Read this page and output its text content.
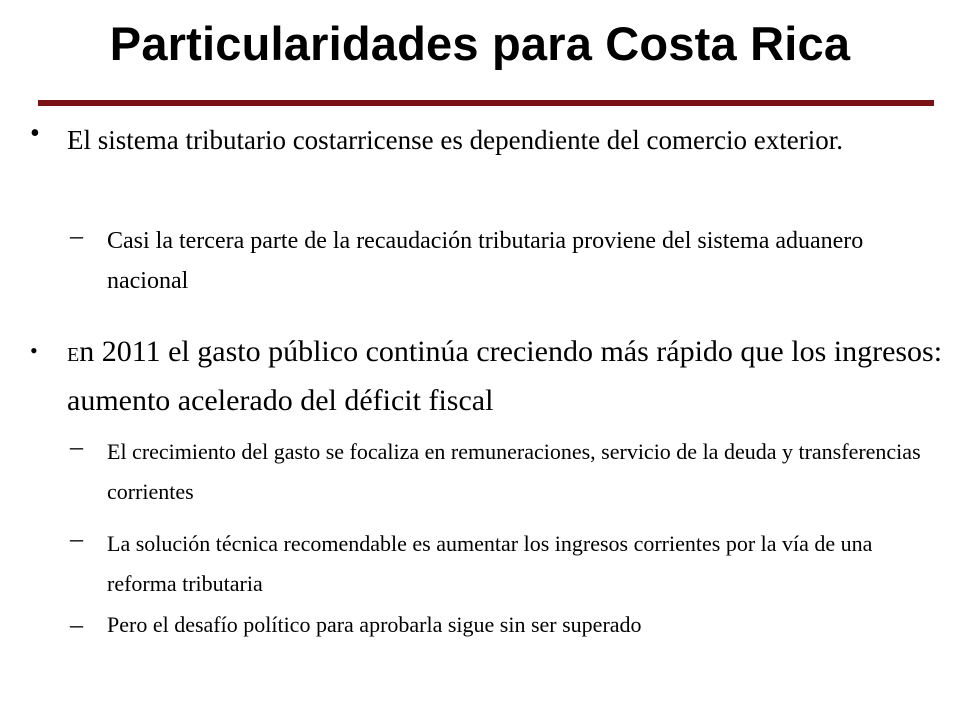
Particularidades para Costa Rica
• El sistema tributario costarricense es dependiente del comercio exterior.
– Casi la tercera parte de la recaudación tributaria proviene del sistema aduanero nacional
• En 2011 el gasto público continúa creciendo más rápido que los ingresos: aumento acelerado del déficit fiscal
– El crecimiento del gasto se focaliza en remuneraciones, servicio de la deuda y transferencias corrientes
– La solución técnica recomendable es aumentar los ingresos corrientes por la vía de una reforma tributaria
– Pero el desafío político para aprobarla sigue sin ser superado
